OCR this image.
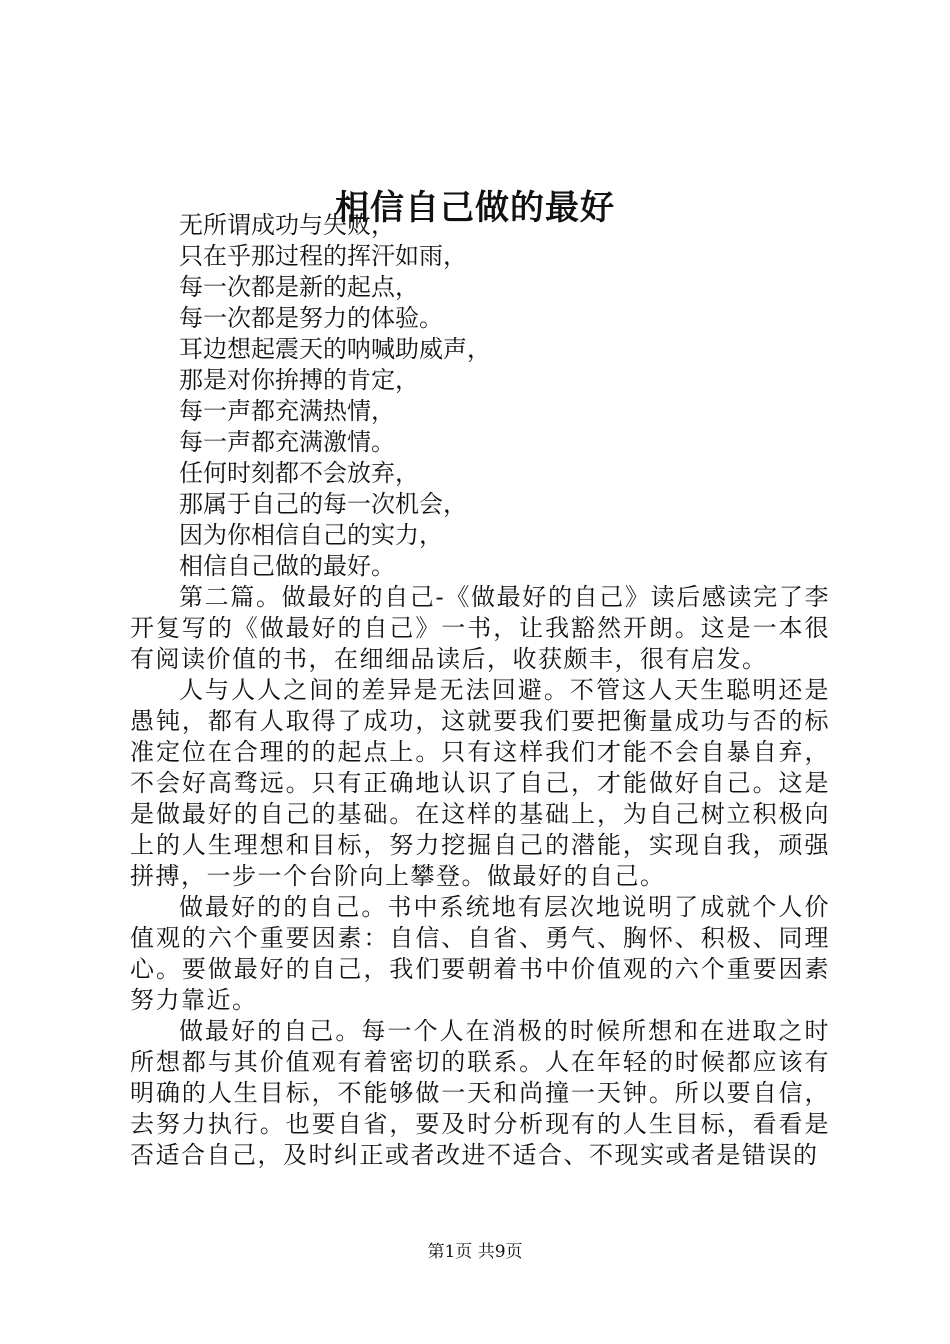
相信自己做的最好

无所谓成功与失败，

只在乎那过程的挥汗如雨，

每一次都是新的起点，

每一次都是努力的体验。

耳边想起震天的呐喊助威声，

那是对你拚搏的肯定，

每一声都充满热情，

每一声都充满激情。

任何时刻都不会放弃，

那属于自己的每一次机会，

因为你相信自己的实力，

相信自己做的最好。

第二篇。做最好的自己-《做最好的自己》读后感读完了李开复写的《做最好的自己》一书，让我豁然开朗。这是一本很有阅读价值的书，在细细品读后，收获颇丰，很有启发。

人与人人之间的差异是无法回避。不管这人天生聪明还是愚钝，都有人取得了成功，这就要我们要把衡量成功与否的标准定位在合理的的起点上。只有这样我们才能不会自暴自弃，不会好高骛远。只有正确地认识了自己，才能做好自己。这是是做最好的自己的基础。在这样的基础上，为自己树立积极向上的人生理想和目标，努力挖掘自己的潜能，实现自我，顽强拼搏，一步一个台阶向上攀登。做最好的自己。

做最好的的自己。书中系统地有层次地说明了成就个人价值观的六个重要因素：自信、自省、勇气、胸怀、积极、同理心。要做最好的自己，我们要朝着书中价值观的六个重要因素努力靠近。

做最好的自己。每一个人在消极的时候所想和在进取之时所想都与其价值观有着密切的联系。人在年轻的时候都应该有明确的人生目标，不能够做一天和尚撞一天钟。所以要自信，去努力执行。也要自省，要及时分析现有的人生目标，看看是否适合自己，及时纠正或者改进不适合、不现实或者是错误的

第1页 共9页
